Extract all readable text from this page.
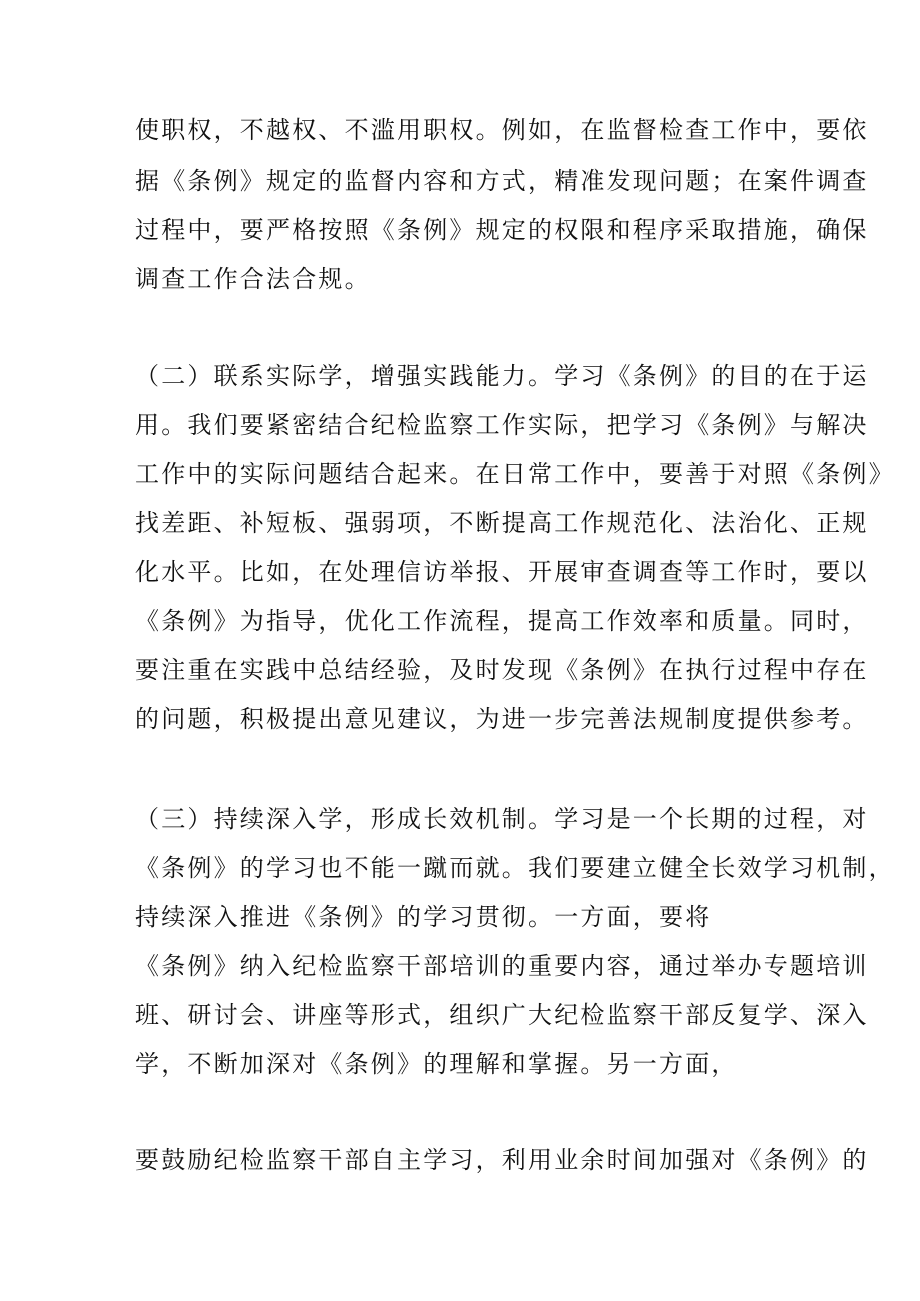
使职权，不越权、不滥用职权。例如，在监督检查工作中，要依
据《条例》规定的监督内容和方式，精准发现问题；在案件调查
过程中，要严格按照《条例》规定的权限和程序采取措施，确保
调查工作合法合规。
（二）联系实际学，增强实践能力。学习《条例》的目的在于运
用。我们要紧密结合纪检监察工作实际，把学习《条例》与解决
工作中的实际问题结合起来。在日常工作中，要善于对照《条例》
找差距、补短板、强弱项，不断提高工作规范化、法治化、正规
化水平。比如，在处理信访举报、开展审查调查等工作时，要以
《条例》为指导，优化工作流程，提高工作效率和质量。同时，
要注重在实践中总结经验，及时发现《条例》在执行过程中存在
的问题，积极提出意见建议，为进一步完善法规制度提供参考。
（三）持续深入学，形成长效机制。学习是一个长期的过程，对
《条例》的学习也不能一蹴而就。我们要建立健全长效学习机制，
持续深入推进《条例》的学习贯彻。一方面，要将
《条例》纳入纪检监察干部培训的重要内容，通过举办专题培训
班、研讨会、讲座等形式，组织广大纪检监察干部反复学、深入
学，不断加深对《条例》的理解和掌握。另一方面，
要鼓励纪检监察干部自主学习，利用业余时间加强对《条例》的
